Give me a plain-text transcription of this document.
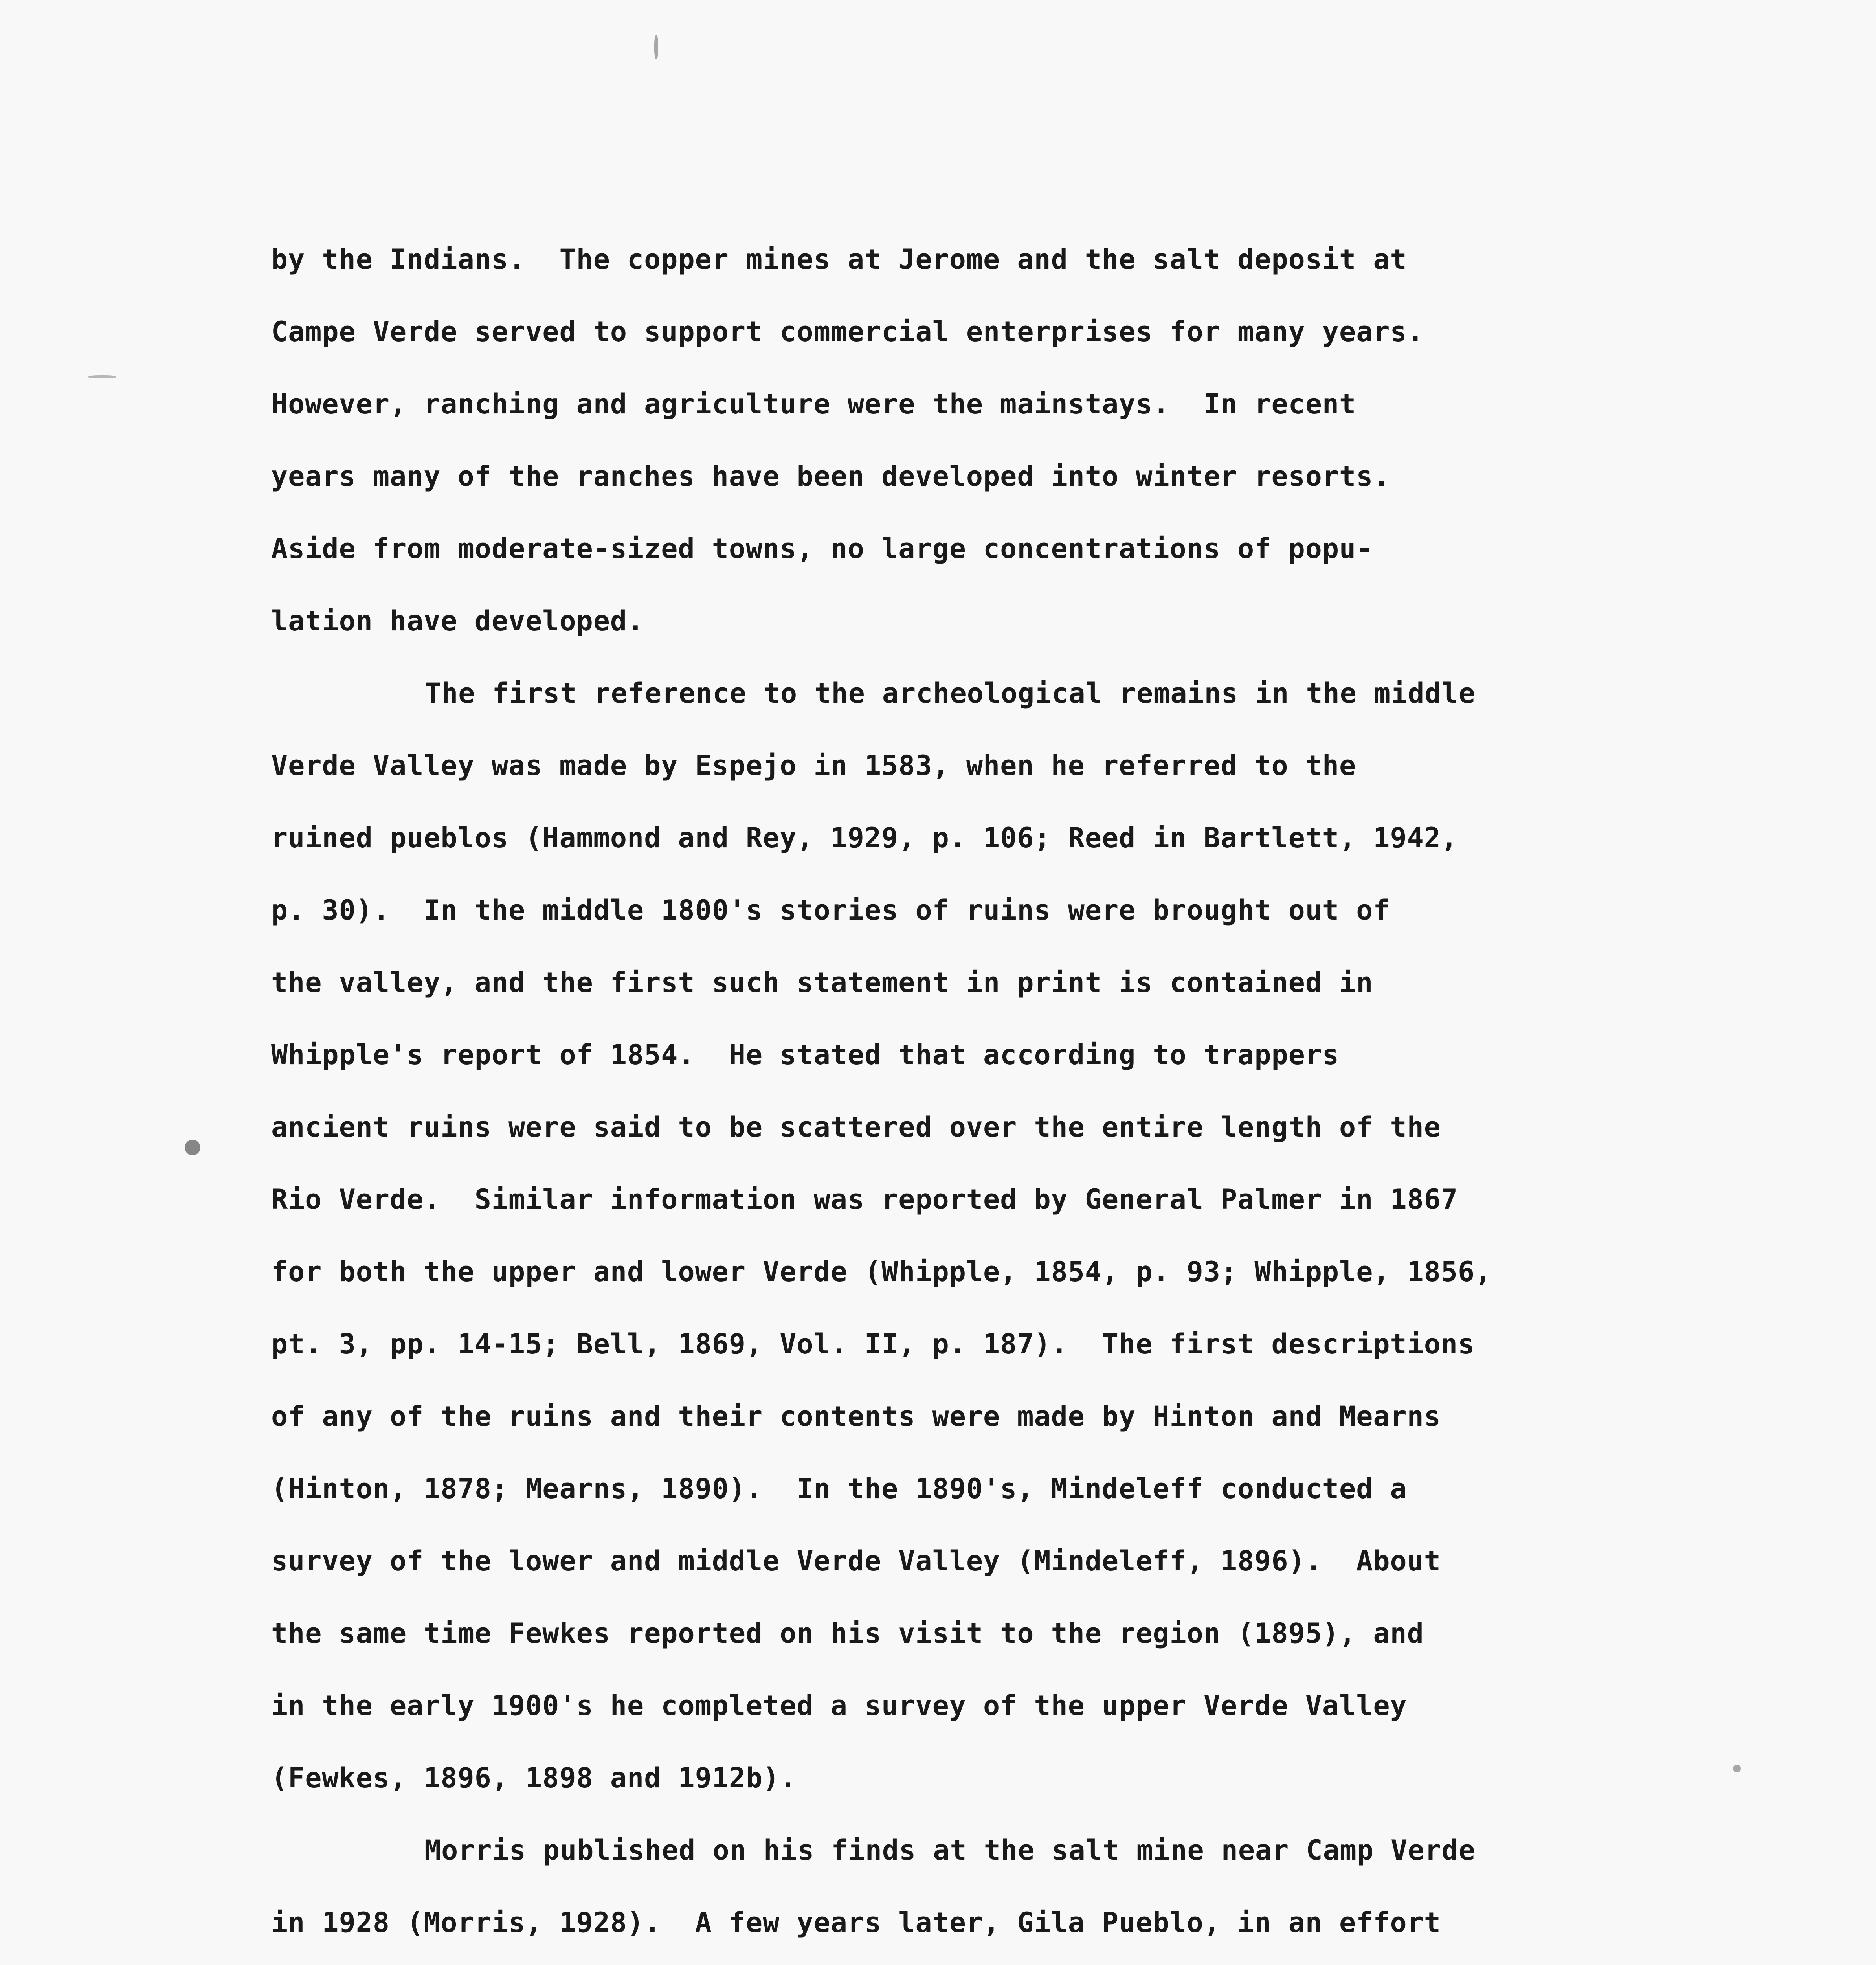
by the Indians.  The copper mines at Jerome and the salt deposit at
Campe Verde served to support commercial enterprises for many years.
However, ranching and agriculture were the mainstays.  In recent
years many of the ranches have been developed into winter resorts.
Aside from moderate-sized towns, no large concentrations of popu-
lation have developed.
The first reference to the archeological remains in the middle
Verde Valley was made by Espejo in 1583, when he referred to the
ruined pueblos (Hammond and Rey, 1929, p. 106; Reed in Bartlett, 1942,
p. 30).  In the middle 1800's stories of ruins were brought out of
the valley, and the first such statement in print is contained in
Whipple's report of 1854.  He stated that according to trappers
ancient ruins were said to be scattered over the entire length of the
Rio Verde.  Similar information was reported by General Palmer in 1867
for both the upper and lower Verde (Whipple, 1854, p. 93; Whipple, 1856,
pt. 3, pp. 14-15; Bell, 1869, Vol. II, p. 187).  The first descriptions
of any of the ruins and their contents were made by Hinton and Mearns
(Hinton, 1878; Mearns, 1890).  In the 1890's, Mindeleff conducted a
survey of the lower and middle Verde Valley (Mindeleff, 1896).  About
the same time Fewkes reported on his visit to the region (1895), and
in the early 1900's he completed a survey of the upper Verde Valley
(Fewkes, 1896, 1898 and 1912b).
Morris published on his finds at the salt mine near Camp Verde
in 1928 (Morris, 1928).  A few years later, Gila Pueblo, in an effort
